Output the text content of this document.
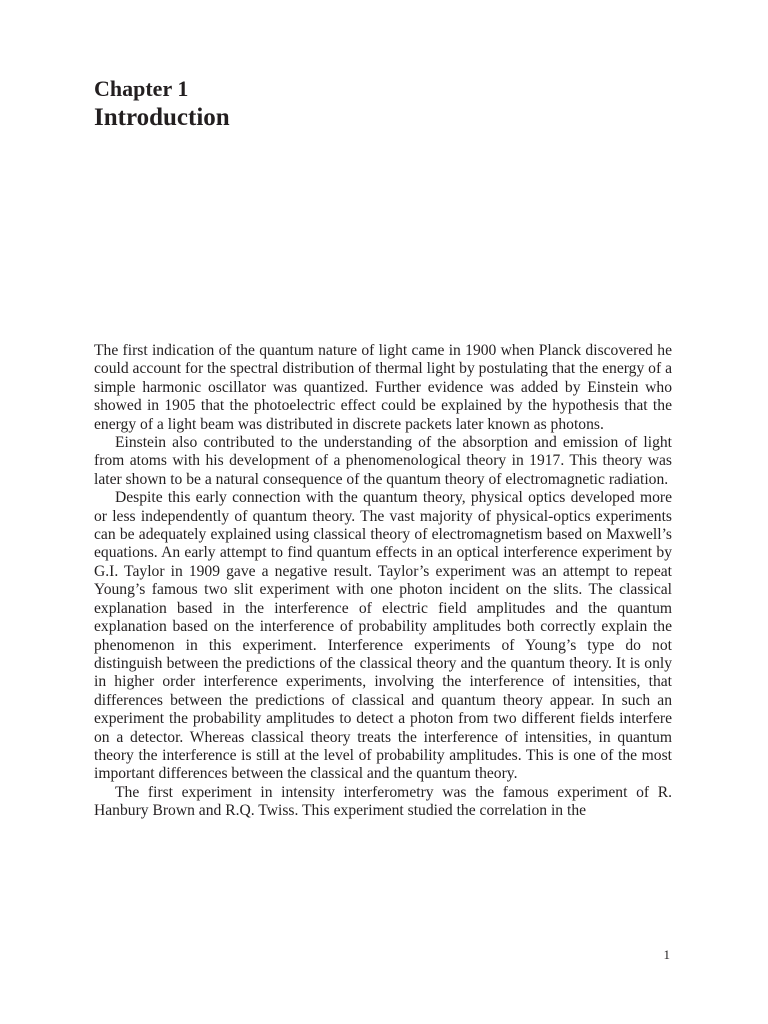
Chapter 1
Introduction

The first indication of the quantum nature of light came in 1900 when Planck discovered he could account for the spectral distribution of thermal light by postulating that the energy of a simple harmonic oscillator was quantized. Further evidence was added by Einstein who showed in 1905 that the photoelectric effect could be explained by the hypothesis that the energy of a light beam was distributed in discrete packets later known as photons.

Einstein also contributed to the understanding of the absorption and emission of light from atoms with his development of a phenomenological theory in 1917. This theory was later shown to be a natural consequence of the quantum theory of electromagnetic radiation.

Despite this early connection with the quantum theory, physical optics developed more or less independently of quantum theory. The vast majority of physical-optics experiments can be adequately explained using classical theory of electromagnetism based on Maxwell’s equations. An early attempt to find quantum effects in an optical interference experiment by G.I. Taylor in 1909 gave a negative result. Taylor’s experiment was an attempt to repeat Young’s famous two slit experiment with one photon incident on the slits. The classical explanation based in the interference of electric field amplitudes and the quantum explanation based on the interference of probability amplitudes both correctly explain the phenomenon in this experiment. Interference experiments of Young’s type do not distinguish between the predictions of the classical theory and the quantum theory. It is only in higher order interference experiments, involving the interference of intensities, that differences between the predictions of classical and quantum theory appear. In such an experiment the probability amplitudes to detect a photon from two different fields interfere on a detector. Whereas classical theory treats the interference of intensities, in quantum theory the interference is still at the level of probability amplitudes. This is one of the most important differences between the classical and the quantum theory.

The first experiment in intensity interferometry was the famous experiment of R. Hanbury Brown and R.Q. Twiss. This experiment studied the correlation in the

1
